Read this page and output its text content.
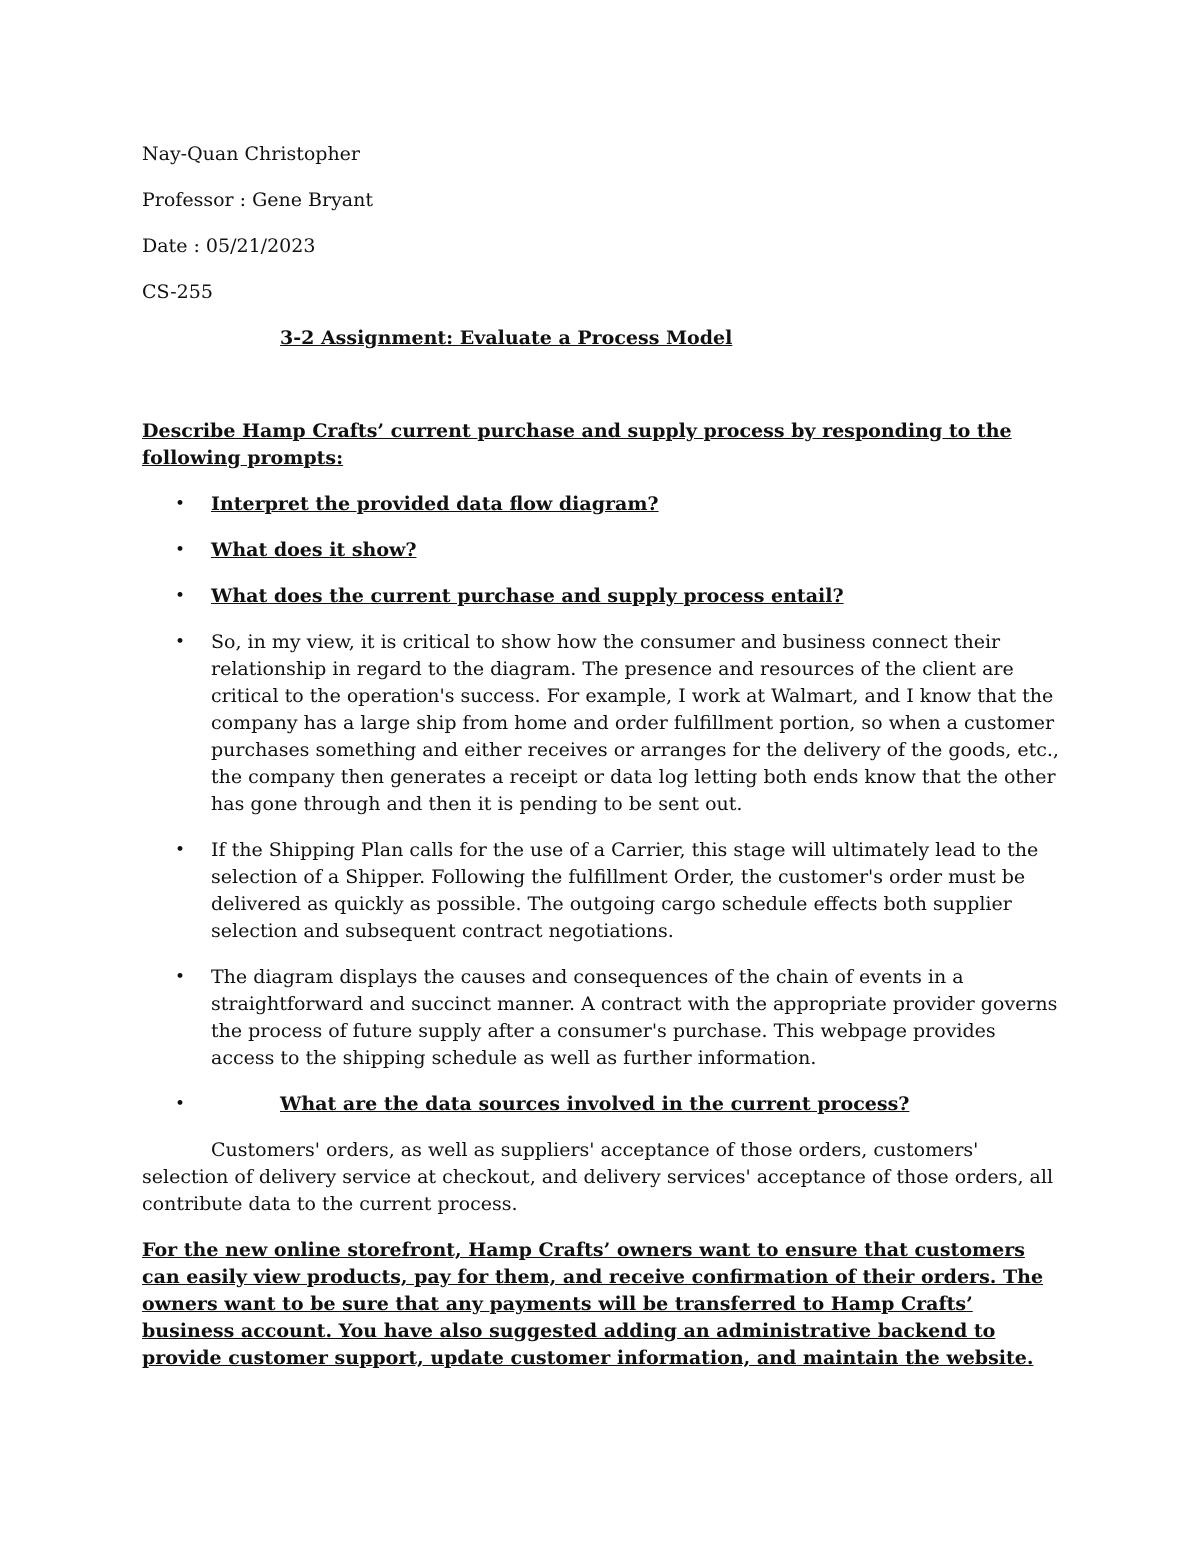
Nay-Quan Christopher

Professor : Gene Bryant

Date : 05/21/2023

CS-255

3-2 Assignment: Evaluate a Process Model

Describe Hamp Crafts’ current purchase and supply process by responding to the following prompts:

• Interpret the provided data flow diagram?
• What does it show?
• What does the current purchase and supply process entail?
• So, in my view, it is critical to show how the consumer and business connect their relationship in regard to the diagram. The presence and resources of the client are critical to the operation's success. For example, I work at Walmart, and I know that the company has a large ship from home and order fulfillment portion, so when a customer purchases something and either receives or arranges for the delivery of the goods, etc., the company then generates a receipt or data log letting both ends know that the other has gone through and then it is pending to be sent out.
• If the Shipping Plan calls for the use of a Carrier, this stage will ultimately lead to the selection of a Shipper. Following the fulfillment Order, the customer's order must be delivered as quickly as possible. The outgoing cargo schedule effects both supplier selection and subsequent contract negotiations.
• The diagram displays the causes and consequences of the chain of events in a straightforward and succinct manner. A contract with the appropriate provider governs the process of future supply after a consumer's purchase. This webpage provides access to the shipping schedule as well as further information.
•	What are the data sources involved in the current process?

Customers' orders, as well as suppliers' acceptance of those orders, customers' selection of delivery service at checkout, and delivery services' acceptance of those orders, all contribute data to the current process.

For the new online storefront, Hamp Crafts’ owners want to ensure that customers can easily view products, pay for them, and receive confirmation of their orders. The owners want to be sure that any payments will be transferred to Hamp Crafts’ business account. You have also suggested adding an administrative backend to provide customer support, update customer information, and maintain the website.
